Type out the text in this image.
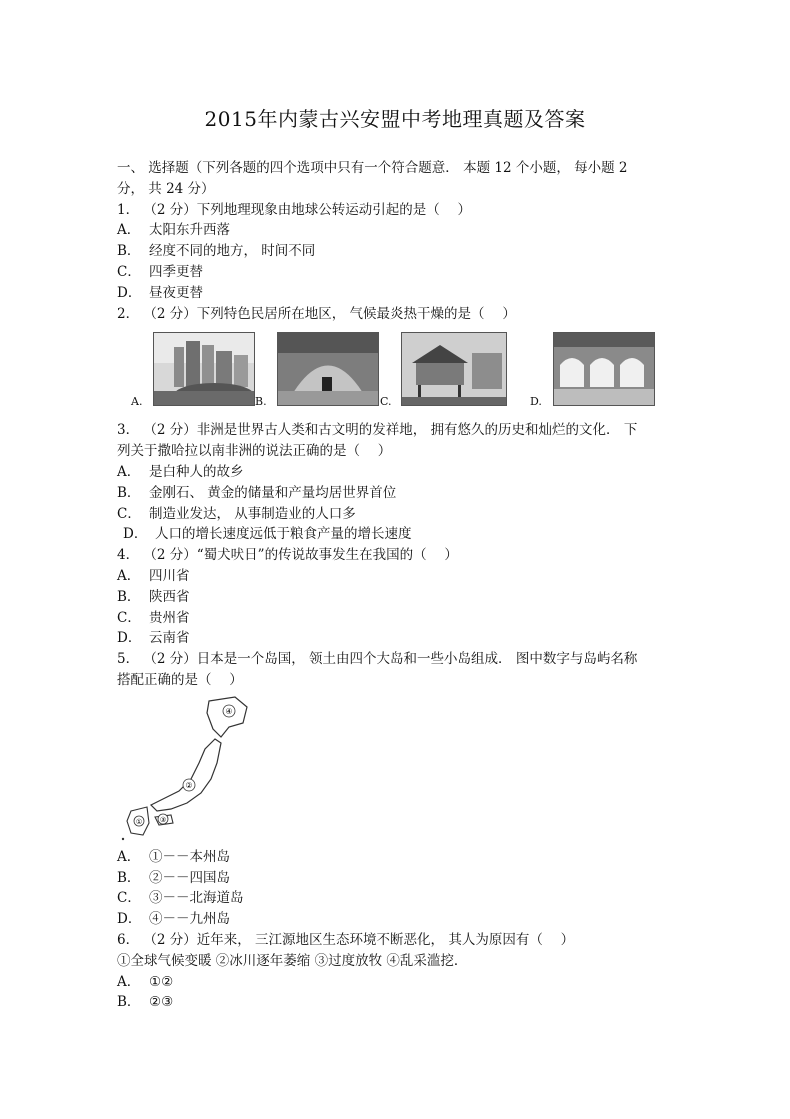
2015年内蒙古兴安盟中考地理真题及答案
一、 选择题（下列各题的四个选项中只有一个符合题意． 本题 12 个小题， 每小题 2
分， 共 24 分）
1． （2 分）下列地理现象由地球公转运动引起的是（　 ）
A． 太阳东升西落
B． 经度不同的地方， 时间不同
C． 四季更替
D． 昼夜更替
2． （2 分）下列特色民居所在地区， 气候最炎热干燥的是（　 ）
A.	B.	C.	D.
3． （2 分）非洲是世界古人类和古文明的发祥地， 拥有悠久的历史和灿烂的文化． 下
列关于撒哈拉以南非洲的说法正确的是（　 ）
A． 是白种人的故乡
B． 金刚石、 黄金的储量和产量均居世界首位
C． 制造业发达， 从事制造业的人口多
D． 人口的增长速度远低于粮食产量的增长速度
4． （2 分）“蜀犬吠日”的传说故事发生在我国的（　 ）
A． 四川省
B． 陕西省
C． 贵州省
D． 云南省
5． （2 分）日本是一个岛国， 领土由四个大岛和一些小岛组成． 图中数字与岛屿名称
搭配正确的是（　 ）
④
②
③
①
A． ①－－本州岛
B． ②－－四国岛
C． ③－－北海道岛
D． ④－－九州岛
6． （2 分）近年来， 三江源地区生态环境不断恶化， 其人为原因有（　 ）
①全球气候变暖 ②冰川逐年萎缩 ③过度放牧 ④乱采滥挖．
A． ①②
B． ②③
